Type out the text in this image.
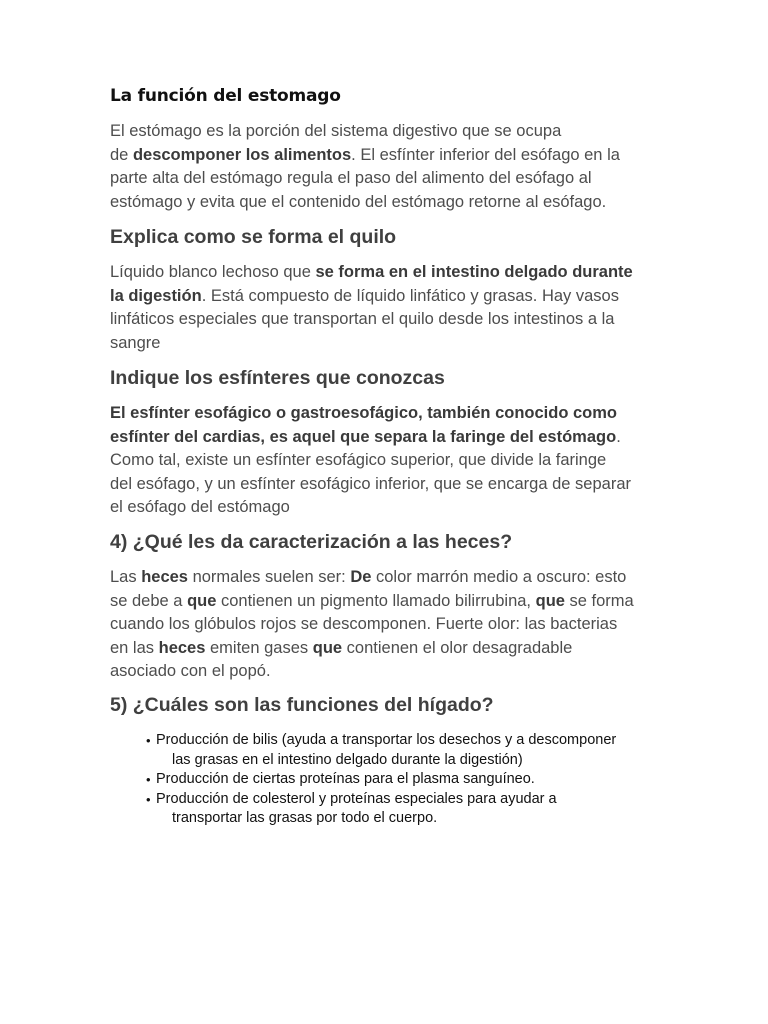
La función del estomago
El estómago es la porción del sistema digestivo que se ocupa
de descomponer los alimentos. El esfínter inferior del esófago en la
parte alta del estómago regula el paso del alimento del esófago al
estómago y evita que el contenido del estómago retorne al esófago.
Explica como se forma el quilo
Líquido blanco lechoso que se forma en el intestino delgado durante
la digestión. Está compuesto de líquido linfático y grasas. Hay vasos
linfáticos especiales que transportan el quilo desde los intestinos a la
sangre
Indique los esfínteres que conozcas
El esfínter esofágico o gastroesofágico, también conocido como
esfínter del cardias, es aquel que separa la faringe del estómago.
Como tal, existe un esfínter esofágico superior, que divide la faringe
del esófago, y un esfínter esofágico inferior, que se encarga de separar
el esófago del estómago
4) ¿Qué les da caracterización a las heces?
Las heces normales suelen ser: De color marrón medio a oscuro: esto
se debe a que contienen un pigmento llamado bilirrubina, que se forma
cuando los glóbulos rojos se descomponen. Fuerte olor: las bacterias
en las heces emiten gases que contienen el olor desagradable
asociado con el popó.
5) ¿Cuáles son las funciones del hígado?
• Producción de bilis (ayuda a transportar los desechos y a descomponer
las grasas en el intestino delgado durante la digestión)
• Producción de ciertas proteínas para el plasma sanguíneo.
• Producción de colesterol y proteínas especiales para ayudar a
transportar las grasas por todo el cuerpo.
